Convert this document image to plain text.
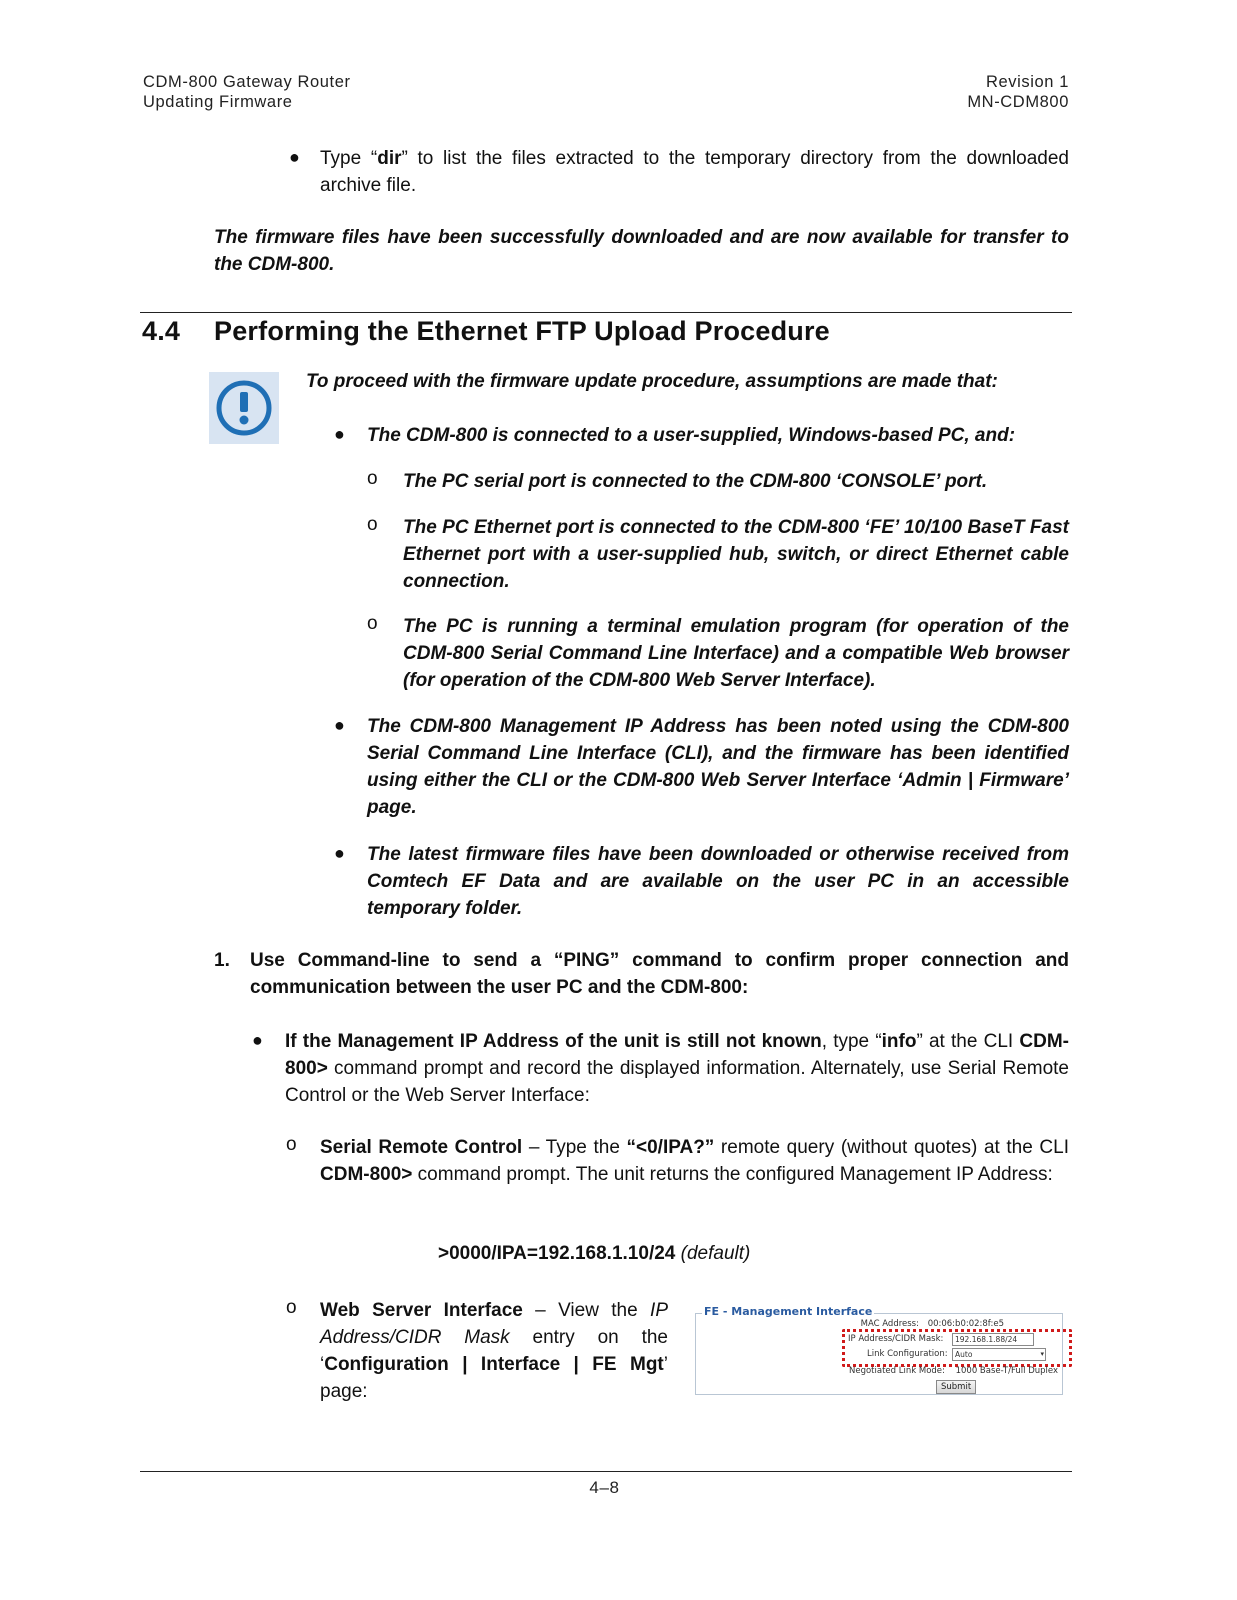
CDM-800 Gateway Router
Updating Firmware
Revision 1
MN-CDM800
● Type “dir” to list the files extracted to the temporary directory from the downloaded archive file.
The firmware files have been successfully downloaded and are now available for transfer to the CDM-800.
4.4 Performing the Ethernet FTP Upload Procedure
To proceed with the firmware update procedure, assumptions are made that:
● The CDM-800 is connected to a user-supplied, Windows-based PC, and:
o The PC serial port is connected to the CDM-800 ‘CONSOLE’ port.
o The PC Ethernet port is connected to the CDM-800 ‘FE’ 10/100 BaseT Fast Ethernet port with a user-supplied hub, switch, or direct Ethernet cable connection.
o The PC is running a terminal emulation program (for operation of the CDM-800 Serial Command Line Interface) and a compatible Web browser (for operation of the CDM-800 Web Server Interface).
● The CDM-800 Management IP Address has been noted using the CDM-800 Serial Command Line Interface (CLI), and the firmware has been identified using either the CLI or the CDM-800 Web Server Interface ‘Admin | Firmware’ page.
● The latest firmware files have been downloaded or otherwise received from Comtech EF Data and are available on the user PC in an accessible temporary folder.
1. Use Command-line to send a “PING” command to confirm proper connection and communication between the user PC and the CDM-800:
● If the Management IP Address of the unit is still not known, type “info” at the CLI CDM-800> command prompt and record the displayed information. Alternately, use Serial Remote Control or the Web Server Interface:
o Serial Remote Control – Type the “<0/IPA?” remote query (without quotes) at the CLI CDM-800> command prompt. The unit returns the configured Management IP Address:
>0000/IPA=192.168.1.10/24 (default)
o Web Server Interface – View the IP Address/CIDR Mask entry on the ‘Configuration | Interface | FE Mgt’ page:
FE - Management Interface
MAC Address: 00:06:b0:02:8f:e5
IP Address/CIDR Mask:	192.168.1.88/24
Link Configuration: Auto	▾
Negotiated Link Mode: 1000 Base-T/Full Duplex
Submit
4–8
